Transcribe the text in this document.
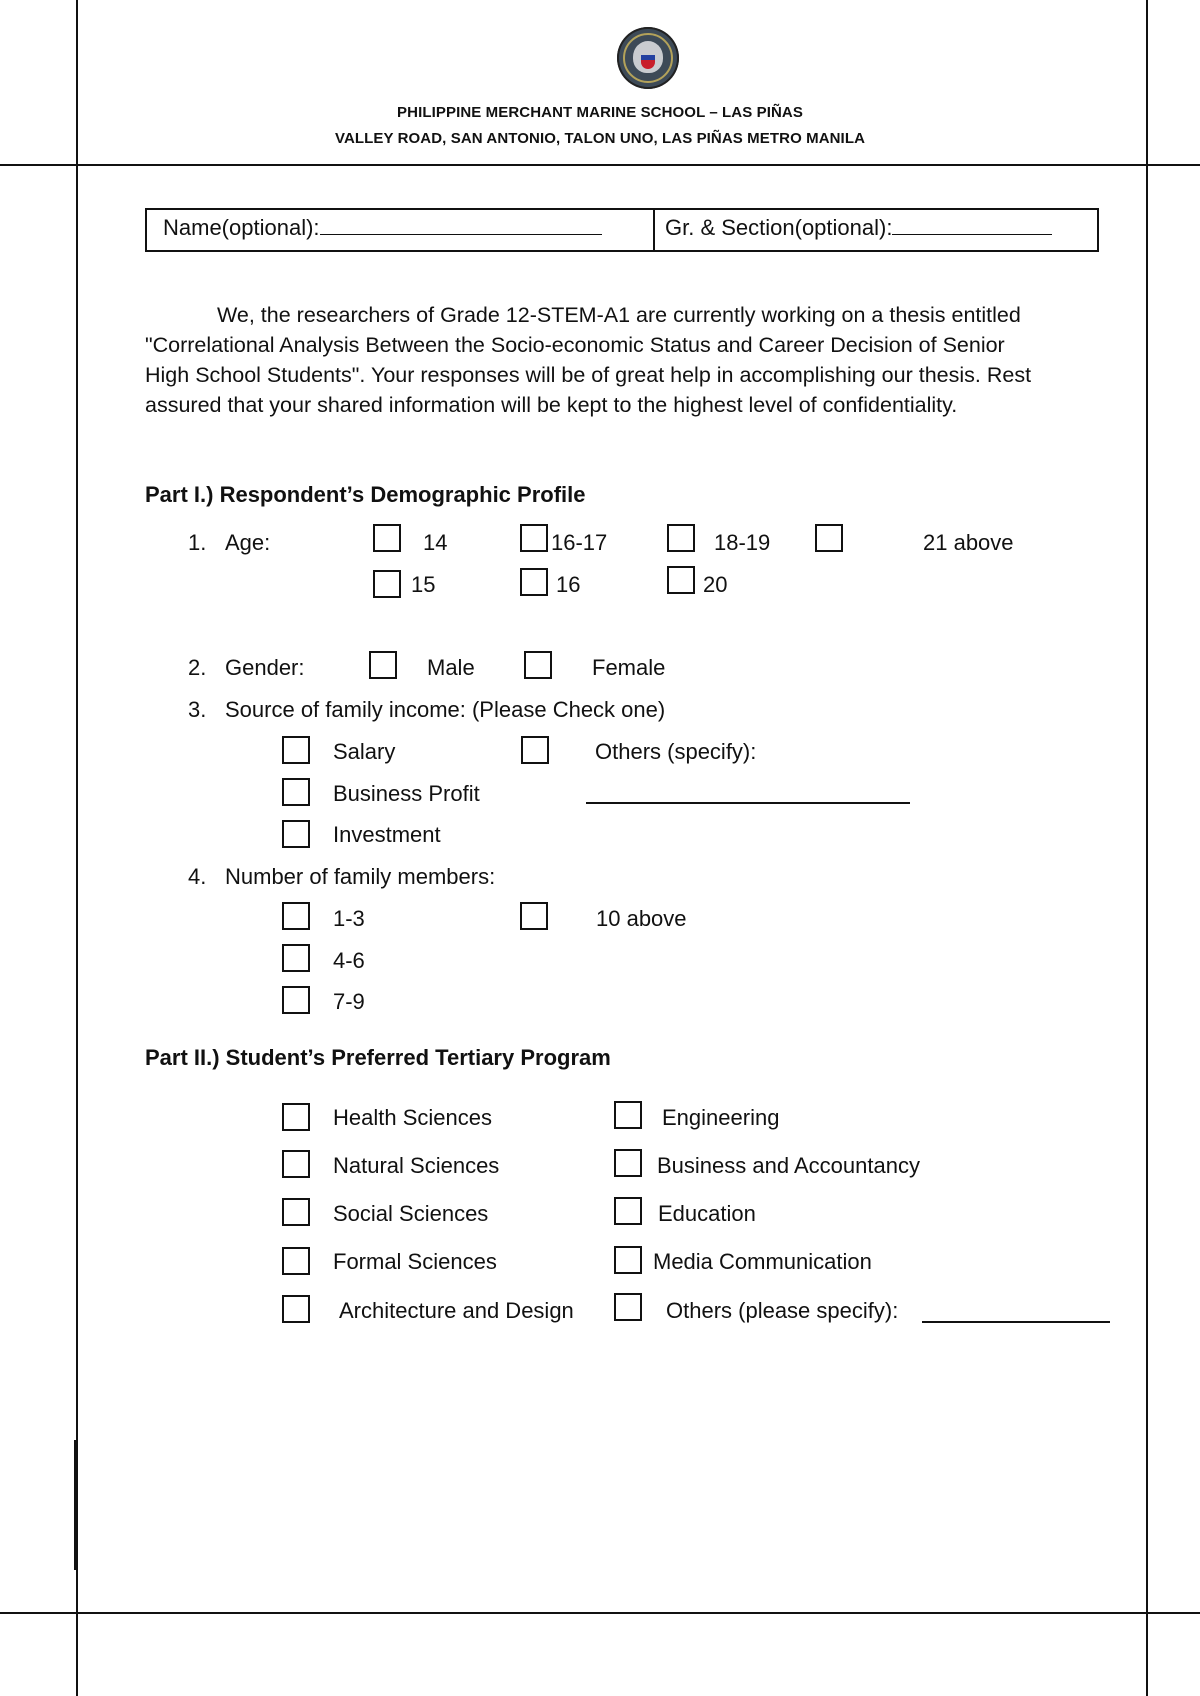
PHILIPPINE MERCHANT MARINE SCHOOL – LAS PIÑAS
VALLEY ROAD, SAN ANTONIO, TALON UNO, LAS PIÑAS METRO MANILA
Name(optional):	Gr. & Section(optional):

We, the researchers of Grade 12-STEM-A1 are currently working on a thesis entitled

"Correlational Analysis Between the Socio-economic Status and Career Decision of Senior

High School Students". Your responses will be of great help in accomplishing our thesis. Rest

assured that your shared information will be kept to the highest level of confidentiality.

Part I.) Respondent’s Demographic Profile
1. Age:	14	16-17	18-19	21 above
15	16	20
2. Gender:	Male	Female
3. Source of family income: (Please Check one)
Salary	Others (specify):
Business Profit
Investment
4. Number of family members:
1-3	10 above
4-6
7-9
Part II.) Student’s Preferred Tertiary Program
Health Sciences	Engineering
Natural Sciences	Business and Accountancy
Social Sciences	Education
Formal Sciences	Media Communication
Architecture and Design	Others (please specify):
